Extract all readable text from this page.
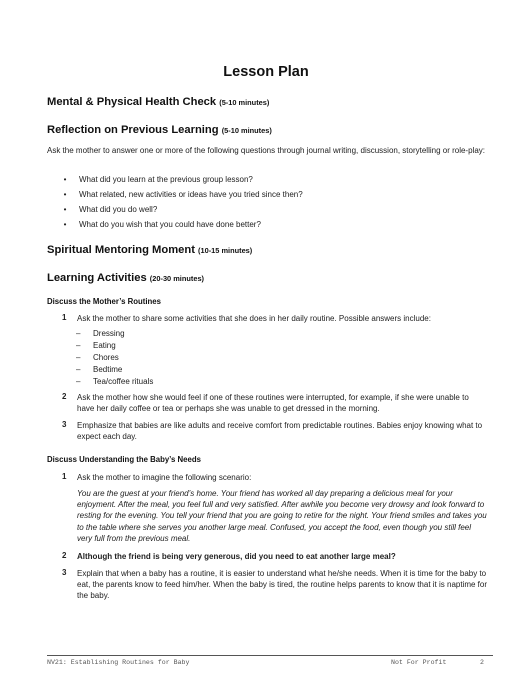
Lesson Plan
Mental & Physical Health Check (5-10 minutes)
Reflection on Previous Learning (5-10 minutes)
Ask the mother to answer one or more of the following questions through journal writing, discussion, storytelling or role-play:
•	What did you learn at the previous group lesson?
•	What related, new activities or ideas have you tried since then?
•	What did you do well?
•	What do you wish that you could have done better?
Spiritual Mentoring Moment (10-15 minutes)
Learning Activities (20-30 minutes)
Discuss the Mother’s Routines
1 Ask the mother to share some activities that she does in her daily routine. Possible answers include:
– Dressing
– Eating
– Chores
– Bedtime
– Tea/coffee rituals
2 Ask the mother how she would feel if one of these routines were interrupted, for example, if she were unable to have her daily coffee or tea or perhaps she was unable to get dressed in the morning.
3 Emphasize that babies are like adults and receive comfort from predictable routines. Babies enjoy knowing what to expect each day.
Discuss Understanding the Baby’s Needs
1 Ask the mother to imagine the following scenario:
You are the guest at your friend’s home. Your friend has worked all day preparing a delicious meal for your enjoyment. After the meal, you feel full and very satisfied. After awhile you become very drowsy and look forward to resting for the evening. You tell your friend that you are going to retire for the night. Your friend smiles and takes you to the table where she serves you another large meal. Confused, you accept the food, even though you still feel very full from the previous meal.
2 Although the friend is being very generous, did you need to eat another large meal?
3 Explain that when a baby has a routine, it is easier to understand what he/she needs. When it is time for the baby to eat, the parents know to feed him/her. When the baby is tired, the routine helps parents to know that it is naptime for the baby.
NV21: Establishing Routines for Baby	Not For Profit	2
